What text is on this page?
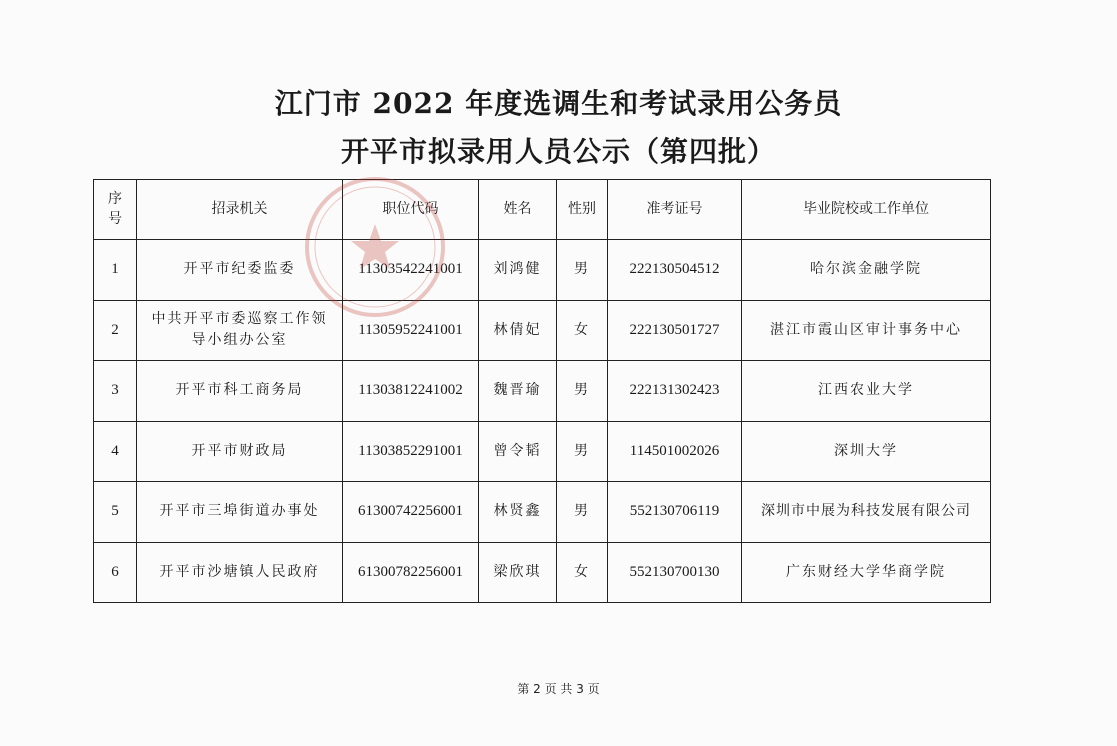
江门市 2022 年度选调生和考试录用公务员
开平市拟录用人员公示（第四批）
序号	招录机关	职位代码	姓名	性别	准考证号	毕业院校或工作单位
1	开平市纪委监委	11303542241001	刘鸿健	男	222130504512	哈尔滨金融学院
2	中共开平市委巡察工作领导小组办公室	11305952241001	林倩妃	女	222130501727	湛江市霞山区审计事务中心
3	开平市科工商务局	11303812241002	魏晋瑜	男	222131302423	江西农业大学
4	开平市财政局	11303852291001	曾令韬	男	114501002026	深圳大学
5	开平市三埠街道办事处	61300742256001	林贤鑫	男	552130706119	深圳市中展为科技发展有限公司
6	开平市沙塘镇人民政府	61300782256001	梁欣琪	女	552130700130	广东财经大学华商学院
第 2 页 共 3 页
